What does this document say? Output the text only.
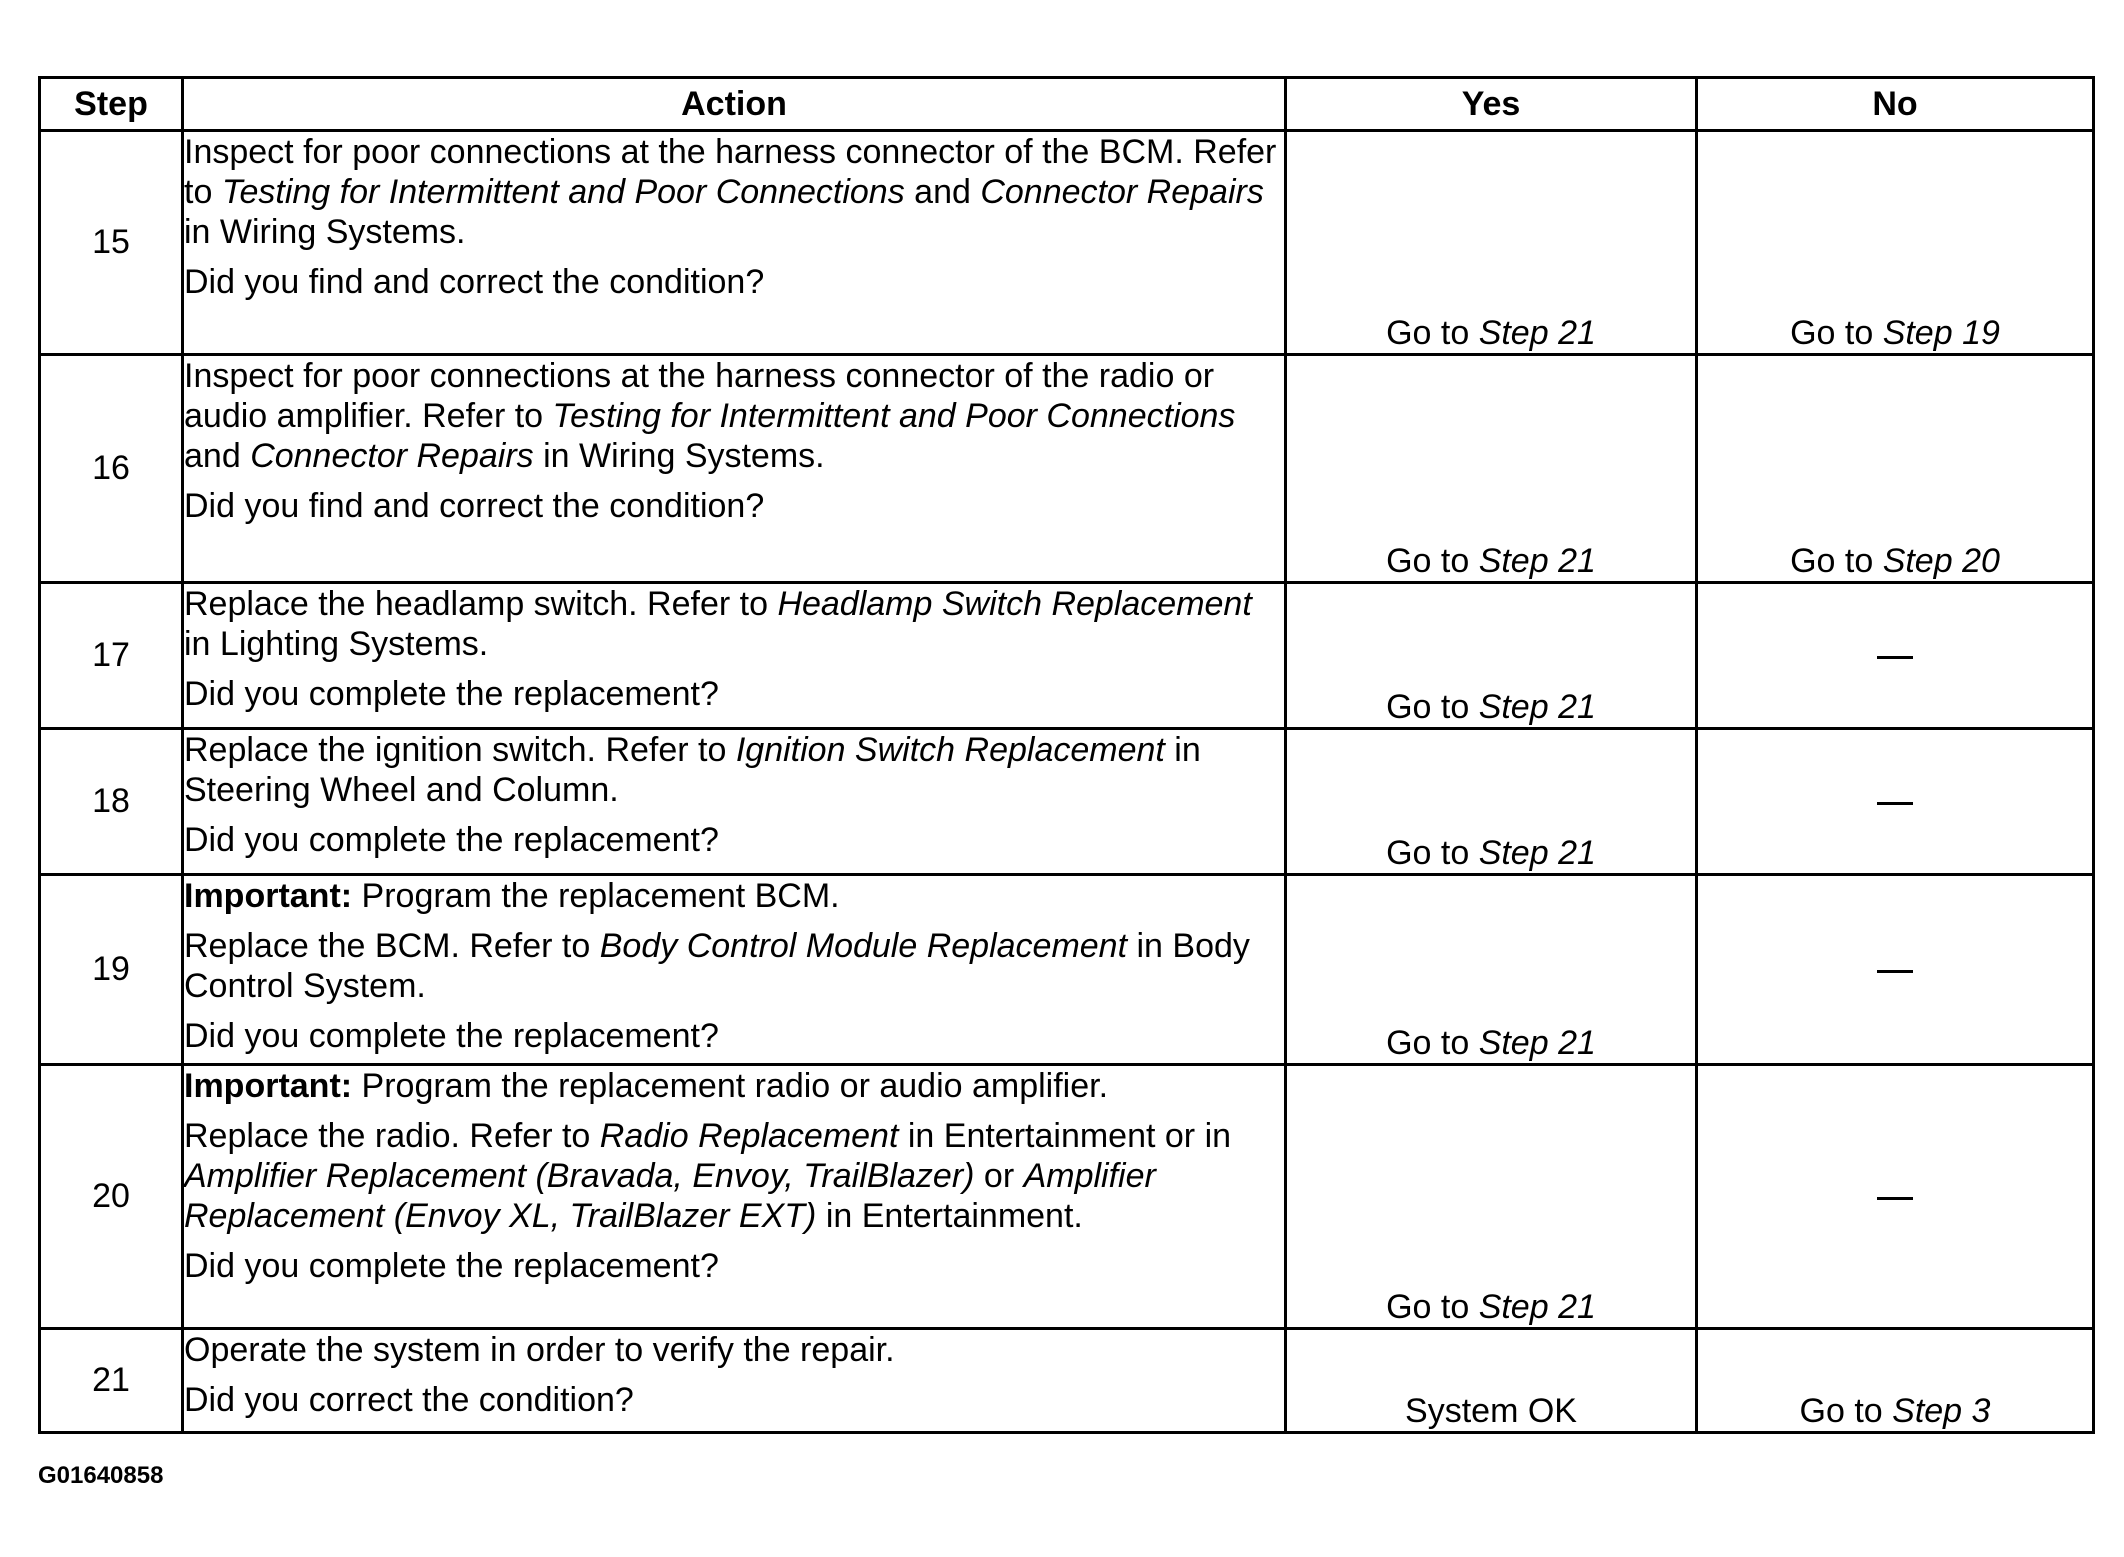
Step	Action	Yes	No
15	Inspect for poor connections at the harness connector of the BCM. Refer to Testing for Intermittent and Poor Connections and Connector Repairs in Wiring Systems.

Did you find and correct the condition?	Go to Step 21	Go to Step 19
16	Inspect for poor connections at the harness connector of the radio or audio amplifier. Refer to Testing for Intermittent and Poor Connections and Connector Repairs in Wiring Systems.

Did you find and correct the condition?	Go to Step 21	Go to Step 20
17	Replace the headlamp switch. Refer to Headlamp Switch Replacement in Lighting Systems.

Did you complete the replacement?	Go to Step 21	
18	Replace the ignition switch. Refer to Ignition Switch Replacement in Steering Wheel and Column.

Did you complete the replacement?	Go to Step 21	
19	Important: Program the replacement BCM.

Replace the BCM. Refer to Body Control Module Replacement in Body Control System.

Did you complete the replacement?	Go to Step 21	
20	Important: Program the replacement radio or audio amplifier.

Replace the radio. Refer to Radio Replacement in Entertainment or in Amplifier Replacement (Bravada, Envoy, TrailBlazer) or Amplifier Replacement (Envoy XL, TrailBlazer EXT) in Entertainment.

Did you complete the replacement?	Go to Step 21	
21	Operate the system in order to verify the repair.

Did you correct the condition?	System OK	Go to Step 3
G01640858
